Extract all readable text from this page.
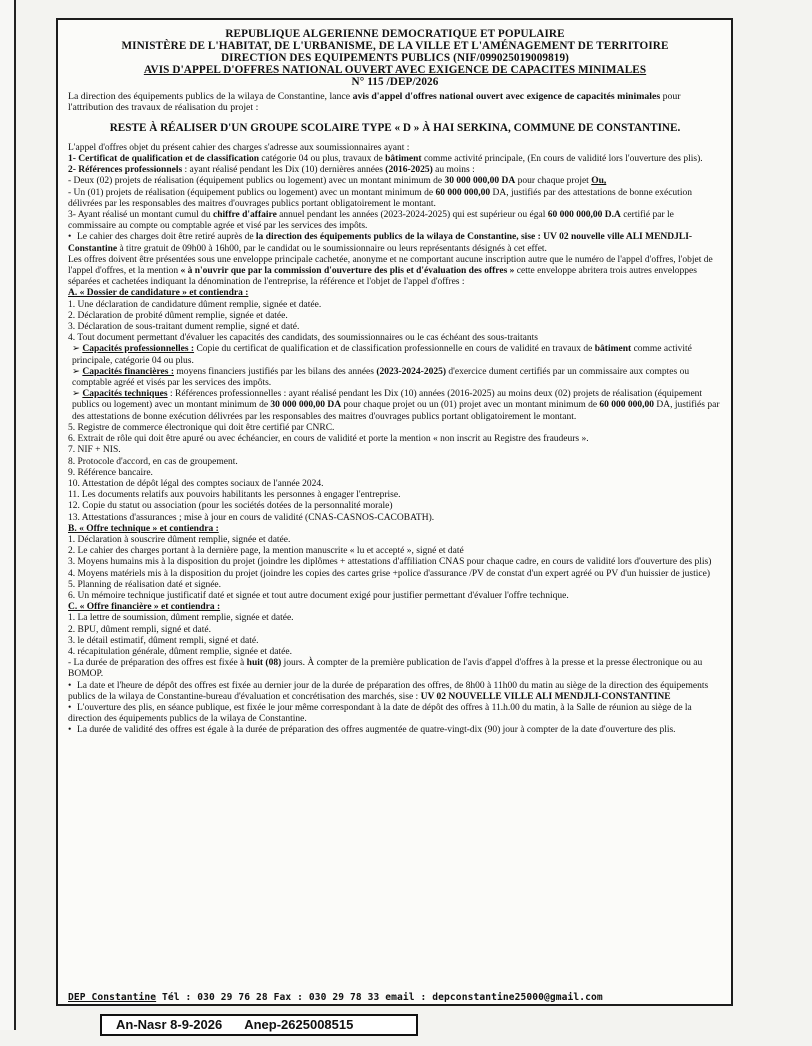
REPUBLIQUE ALGERIENNE DEMOCRATIQUE ET POPULAIRE
MINISTÈRE DE L'HABITAT, DE L'URBANISME, DE LA VILLE ET L'AMÉNAGEMENT DE TERRITOIRE
DIRECTION DES EQUIPEMENTS PUBLICS (NIF/099025019009819)
AVIS D'APPEL D'OFFRES NATIONAL OUVERT AVEC EXIGENCE DE CAPACITES MINIMALES
N° 115 /DEP/2026
La direction des équipements publics de la wilaya de Constantine, lance avis d'appel d'offres national ouvert avec exigence de capacités minimales pour l'attribution des travaux de réalisation du projet :
RESTE À RÉALISER D'UN GROUPE SCOLAIRE TYPE « D » À HAI SERKINA, COMMUNE DE CONSTANTINE.

L'appel d'offres objet du présent cahier des charges s'adresse aux soumissionnaires ayant :

1- Certificat de qualification et de classification catégorie 04 ou plus, travaux de bâtiment comme activité principale, (En cours de validité lors l'ouverture des plis).

2- Références professionnels : ayant réalisé pendant les Dix (10) dernières années (2016-2025) au moins :

- Deux (02) projets de réalisation (équipement publics ou logement) avec un montant minimum de 30 000 000,00 DA pour chaque projet Ou,

- Un (01) projets de réalisation (équipement publics ou logement) avec un montant minimum de 60 000 000,00 DA, justifiés par des attestations de bonne exécution délivrées par les responsables des maitres d'ouvrages publics portant obligatoirement le montant.

3- Ayant réalisé un montant cumul du chiffre d'affaire annuel pendant les années (2023-2024-2025) qui est supérieur ou égal 60 000 000,00 D.A certifié par le commissaire au compte ou comptable agrée et visé par les services des impôts.

• Le cahier des charges doit être retiré auprès de la direction des équipements publics de la wilaya de Constantine, sise : UV 02 nouvelle ville ALI MENDJLI-Constantine à titre gratuit de 09h00 à 16h00, par le candidat ou le soumissionnaire ou leurs représentants désignés à cet effet.

Les offres doivent être présentées sous une enveloppe principale cachetée, anonyme et ne comportant aucune inscription autre que le numéro de l'appel d'offres, l'objet de l'appel d'offres, et la mention « à n'ouvrir que par la commission d'ouverture des plis et d'évaluation des offres » cette enveloppe abritera trois autres enveloppes séparées et cachetées indiquant la dénomination de l'entreprise, la référence et l'objet de l'appel d'offres :

A. « Dossier de candidature » et contiendra :

1. Une déclaration de candidature dûment remplie, signée et datée.

2. Déclaration de probité dûment remplie, signée et datée.

3. Déclaration de sous-traitant dument remplie, signé et daté.

4. Tout document permettant d'évaluer les capacités des candidats, des soumissionnaires ou le cas échéant des sous-traitants

➢ Capacités professionnelles : Copie du certificat de qualification et de classification professionnelle en cours de validité en travaux de bâtiment comme activité principale, catégorie 04 ou plus.

➢ Capacités financières : moyens financiers justifiés par les bilans des années (2023-2024-2025) d'exercice dument certifiés par un commissaire aux comptes ou comptable agréé et visés par les services des impôts.

➢ Capacités techniques : Références professionnelles : ayant réalisé pendant les Dix (10) années (2016-2025) au moins deux (02) projets de réalisation (équipement publics ou logement) avec un montant minimum de 30 000 000,00 DA pour chaque projet ou un (01) projet avec un montant minimum de 60 000 000,00 DA, justifiés par des attestations de bonne exécution délivrées par les responsables des maitres d'ouvrages publics portant obligatoirement le montant.

5. Registre de commerce électronique qui doit être certifié par CNRC.

6. Extrait de rôle qui doit être apuré ou avec échéancier, en cours de validité et porte la mention « non inscrit au Registre des fraudeurs ».

7. NIF + NIS.

8. Protocole d'accord, en cas de groupement.

9. Référence bancaire.

10. Attestation de dépôt légal des comptes sociaux de l'année 2024.

11. Les documents relatifs aux pouvoirs habilitants les personnes à engager l'entreprise.

12. Copie du statut ou association (pour les sociétés dotées de la personnalité morale)

13. Attestations d'assurances ; mise à jour en cours de validité (CNAS-CASNOS-CACOBATH).

B. « Offre technique » et contiendra :

1. Déclaration à souscrire dûment remplie, signée et datée.

2. Le cahier des charges portant à la dernière page, la mention manuscrite « lu et accepté », signé et daté

3. Moyens humains mis à la disposition du projet (joindre les diplômes + attestations d'affiliation CNAS pour chaque cadre, en cours de validité lors d'ouverture des plis)

4. Moyens matériels mis à la disposition du projet (joindre les copies des cartes grise +police d'assurance /PV de constat d'un expert agréé ou PV d'un huissier de justice)

5. Planning de réalisation daté et signée.

6. Un mémoire technique justificatif daté et signée et tout autre document exigé pour justifier permettant d'évaluer l'offre technique.

C. « Offre financière » et contiendra :

1. La lettre de soumission, dûment remplie, signée et datée.

2. BPU, dûment rempli, signé et daté.

3. le détail estimatif, dûment rempli, signé et daté.

4. récapitulation générale, dûment remplie, signée et datée.

- La durée de préparation des offres est fixée à huit (08) jours. À compter de la première publication de l'avis d'appel d'offres à la presse et la presse électronique ou au BOMOP.

• La date et l'heure de dépôt des offres est fixée au dernier jour de la durée de préparation des offres, de 8h00 à 11h00 du matin au siège de la direction des équipements publics de la wilaya de Constantine-bureau d'évaluation et concrétisation des marchés, sise : UV 02 NOUVELLE VILLE ALI MENDJLI-CONSTANTINE

• L'ouverture des plis, en séance publique, est fixée le jour même correspondant à la date de dépôt des offres à 11.h.00 du matin, à la Salle de réunion au siège de la direction des équipements publics de la wilaya de Constantine.

• La durée de validité des offres est égale à la durée de préparation des offres augmentée de quatre-vingt-dix (90) jour à compter de la date d'ouverture des plis.

DEP Constantine Tél : 030 29 76 28 Fax : 030 29 78 33 email : depconstantine25000@gmail.com
An-Nasr 8-9-2026 Anep-2625008515
